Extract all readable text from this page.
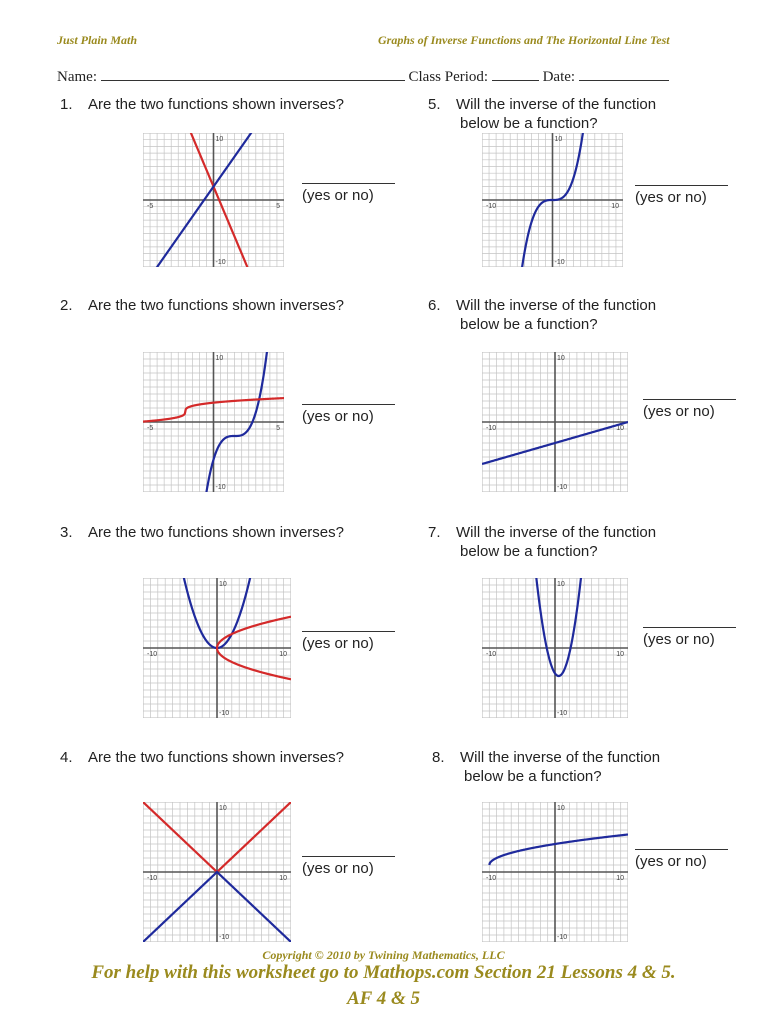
Just Plain Math	Graphs of Inverse Functions and The Horizontal Line Test
Name:	Class Period:	Date:
1. Are the two functions shown inverses?
2. Are the two functions shown inverses?
3. Are the two functions shown inverses?
4. Are the two functions shown inverses?
5. Will the inverse of the function
below be a function?
6. Will the inverse of the function
below be a function?
7. Will the inverse of the function
below be a function?
8. Will the inverse of the function
below be a function?
(yes or no)
(yes or no)
(yes or no)
(yes or no)
(yes or no)
(yes or no)
(yes or no)
(yes or no)
-5	5
10
-10
-5	5
10
-10
-10	10
10
-10
-10	10
10
-10
-10	10
10
-10
-10	10
10
-10
-10	10
10
-10
-10	10
10
-10
Copyright © 2010 by Twining Mathematics, LLC
For help with this worksheet go to Mathops.com Section 21 Lessons 4 & 5.
AF 4 & 5
